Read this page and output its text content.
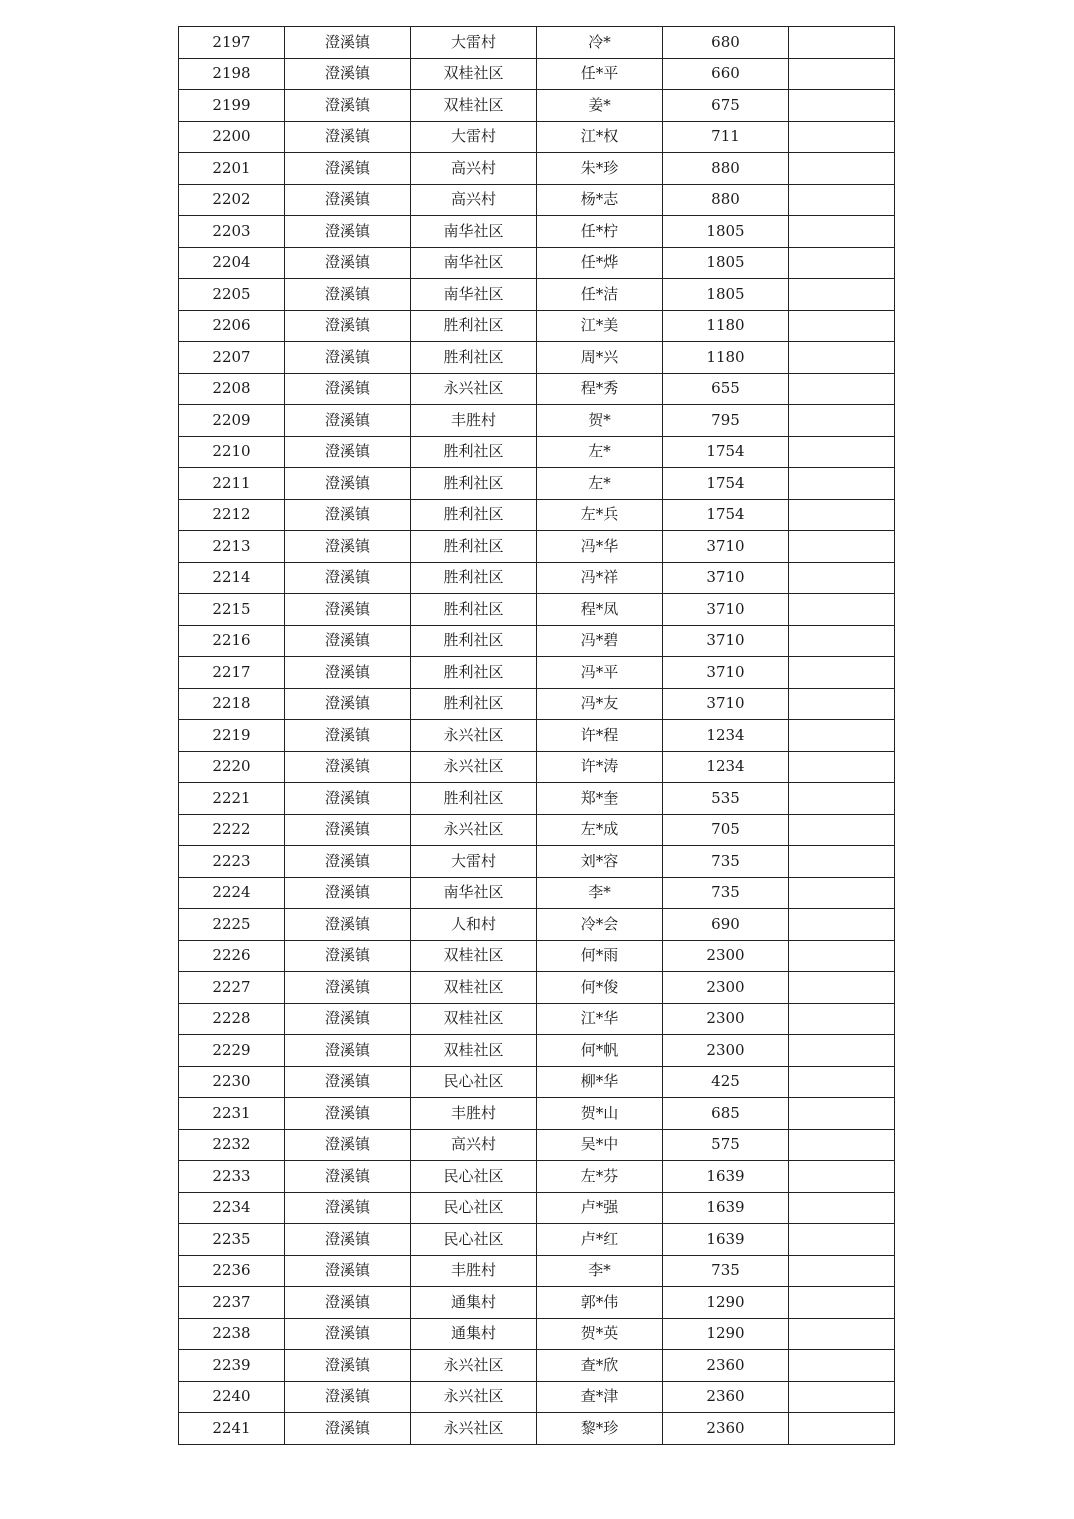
2197	澄溪镇	大雷村	冷*	680	
2198	澄溪镇	双桂社区	任*平	660	
2199	澄溪镇	双桂社区	姜*	675	
2200	澄溪镇	大雷村	江*权	711	
2201	澄溪镇	高兴村	朱*珍	880	
2202	澄溪镇	高兴村	杨*志	880	
2203	澄溪镇	南华社区	任*柠	1805	
2204	澄溪镇	南华社区	任*烨	1805	
2205	澄溪镇	南华社区	任*洁	1805	
2206	澄溪镇	胜利社区	江*美	1180	
2207	澄溪镇	胜利社区	周*兴	1180	
2208	澄溪镇	永兴社区	程*秀	655	
2209	澄溪镇	丰胜村	贺*	795	
2210	澄溪镇	胜利社区	左*	1754	
2211	澄溪镇	胜利社区	左*	1754	
2212	澄溪镇	胜利社区	左*兵	1754	
2213	澄溪镇	胜利社区	冯*华	3710	
2214	澄溪镇	胜利社区	冯*祥	3710	
2215	澄溪镇	胜利社区	程*凤	3710	
2216	澄溪镇	胜利社区	冯*碧	3710	
2217	澄溪镇	胜利社区	冯*平	3710	
2218	澄溪镇	胜利社区	冯*友	3710	
2219	澄溪镇	永兴社区	许*程	1234	
2220	澄溪镇	永兴社区	许*涛	1234	
2221	澄溪镇	胜利社区	郑*奎	535	
2222	澄溪镇	永兴社区	左*成	705	
2223	澄溪镇	大雷村	刘*容	735	
2224	澄溪镇	南华社区	李*	735	
2225	澄溪镇	人和村	冷*会	690	
2226	澄溪镇	双桂社区	何*雨	2300	
2227	澄溪镇	双桂社区	何*俊	2300	
2228	澄溪镇	双桂社区	江*华	2300	
2229	澄溪镇	双桂社区	何*帆	2300	
2230	澄溪镇	民心社区	柳*华	425	
2231	澄溪镇	丰胜村	贺*山	685	
2232	澄溪镇	高兴村	吴*中	575	
2233	澄溪镇	民心社区	左*芬	1639	
2234	澄溪镇	民心社区	卢*强	1639	
2235	澄溪镇	民心社区	卢*红	1639	
2236	澄溪镇	丰胜村	李*	735	
2237	澄溪镇	通集村	郭*伟	1290	
2238	澄溪镇	通集村	贺*英	1290	
2239	澄溪镇	永兴社区	查*欣	2360	
2240	澄溪镇	永兴社区	查*津	2360	
2241	澄溪镇	永兴社区	黎*珍	2360	
